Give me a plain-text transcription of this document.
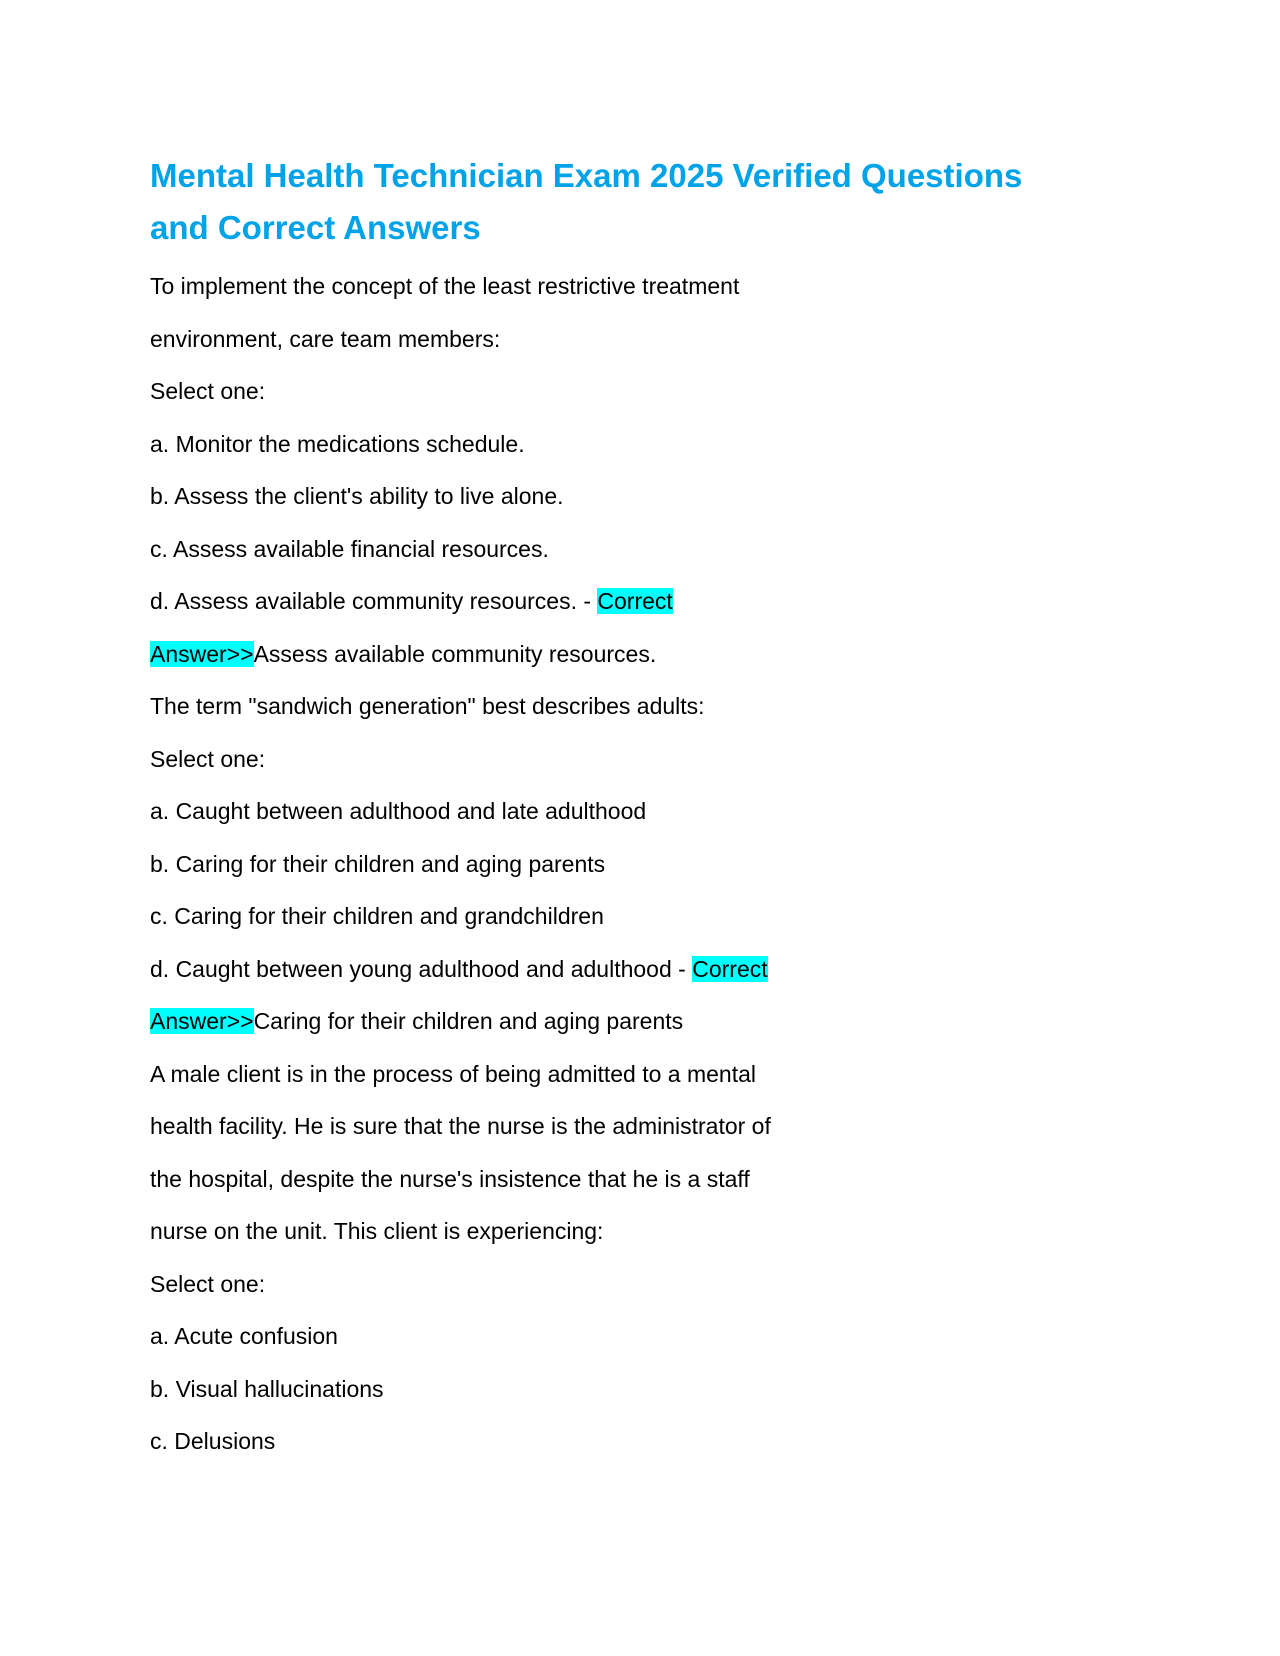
Mental Health Technician Exam 2025 Verified Questions
and Correct Answers
To implement the concept of the least restrictive treatment
environment, care team members:
Select one:
a. Monitor the medications schedule.
b. Assess the client's ability to live alone.
c. Assess available financial resources.
d. Assess available community resources. - Correct
Answer>>Assess available community resources.
The term "sandwich generation" best describes adults:
Select one:
a. Caught between adulthood and late adulthood
b. Caring for their children and aging parents
c. Caring for their children and grandchildren
d. Caught between young adulthood and adulthood - Correct
Answer>>Caring for their children and aging parents
A male client is in the process of being admitted to a mental
health facility. He is sure that the nurse is the administrator of
the hospital, despite the nurse's insistence that he is a staff
nurse on the unit. This client is experiencing:
Select one:
a. Acute confusion
b. Visual hallucinations
c. Delusions
